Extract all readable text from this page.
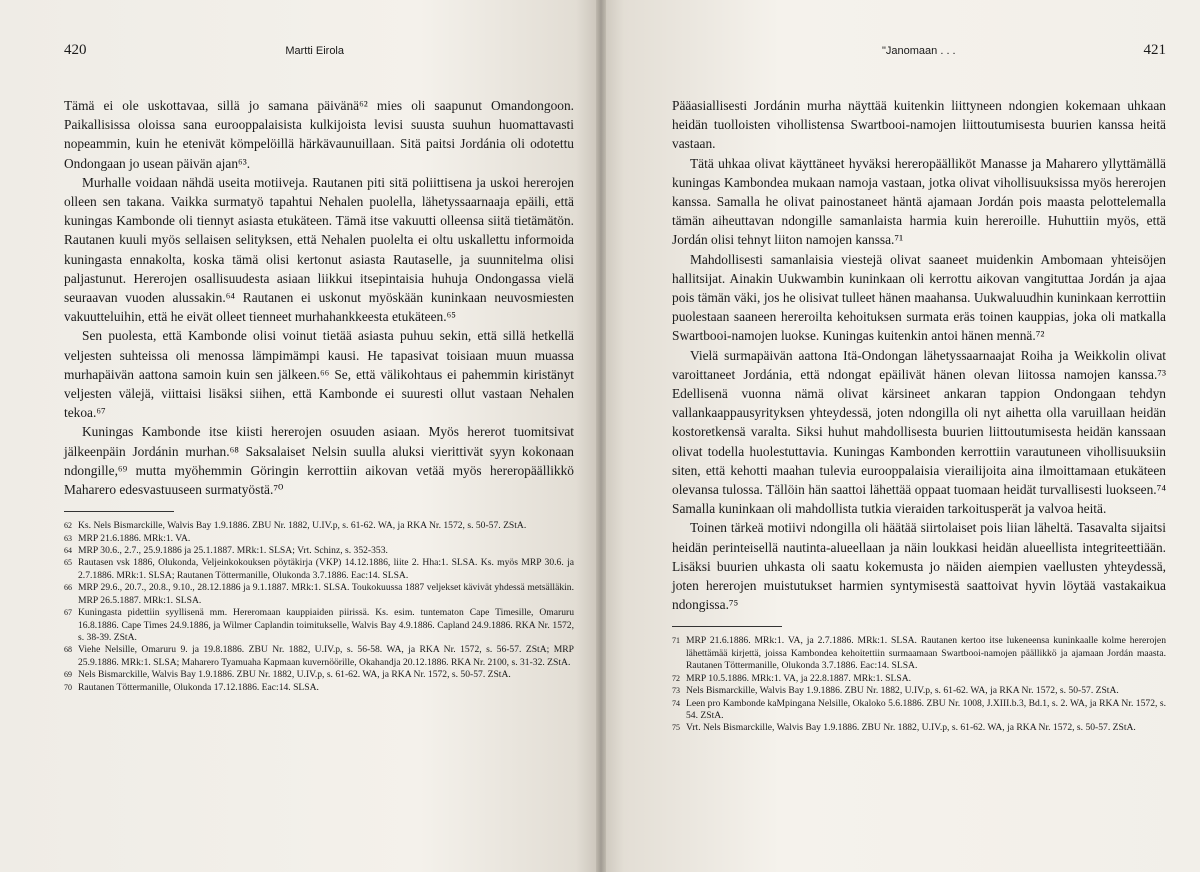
420	Martti Eirola

Tämä ei ole uskottavaa, sillä jo samana päivänä⁶² mies oli saapunut Omandongoon. Paikallisissa oloissa sana eurooppalaisista kulkijoista levisi suusta suuhun huomattavasti nopeammin, kuin he etenivät kömpelöillä härkävaunuillaan. Sitä paitsi Jordánia oli odotettu Ondongaan jo usean päivän ajan⁶³.

Murhalle voidaan nähdä useita motiiveja. Rautanen piti sitä poliittisena ja uskoi hererojen olleen sen takana. Vaikka surmatyö tapahtui Nehalen puolella, lähetyssaarnaaja epäili, että kuningas Kambonde oli tiennyt asiasta etukäteen. Tämä itse vakuutti olleensa siitä tietämätön. Rautanen kuuli myös sellaisen selityksen, että Nehalen puolelta ei oltu uskallettu informoida kuningasta ennakolta, koska tämä olisi kertonut asiasta Rautaselle, ja suunnitelma olisi paljastunut. Hererojen osallisuudesta asiaan liikkui itsepintaisia huhuja Ondongassa vielä seuraavan vuoden alussakin.⁶⁴ Rautanen ei uskonut myöskään kuninkaan neuvosmiesten vakuutteluihin, että he eivät olleet tienneet murhahankkeesta etukäteen.⁶⁵

Sen puolesta, että Kambonde olisi voinut tietää asiasta puhuu sekin, että sillä hetkellä veljesten suhteissa oli menossa lämpimämpi kausi. He tapasivat toisiaan muun muassa murhapäivän aattona samoin kuin sen jälkeen.⁶⁶ Se, että välikohtaus ei pahemmin kiristänyt veljesten välejä, viittaisi lisäksi siihen, että Kambonde ei suuresti ollut vastaan Nehalen tekoa.⁶⁷

Kuningas Kambonde itse kiisti hererojen osuuden asiaan. Myös hererot tuomitsivat jälkeenpäin Jordánin murhan.⁶⁸ Saksalaiset Nelsin suulla aluksi vierittivät syyn kokonaan ndongille,⁶⁹ mutta myöhemmin Göringin kerrottiin aikovan vetää myös hereropäällikkö Maharero edesvastuuseen surmatyöstä.⁷⁰

62 Ks. Nels Bismarckille, Walvis Bay 1.9.1886. ZBU Nr. 1882, U.IV.p, s. 61-62. WA, ja RKA Nr. 1572, s. 50-57. ZStA.
63 MRP 21.6.1886. MRk:1. VA.
64 MRP 30.6., 2.7., 25.9.1886 ja 25.1.1887. MRk:1. SLSA; Vrt. Schinz, s. 352-353.
65 Rautasen vsk 1886, Olukonda, Veljeinkokouksen pöytäkirja (VKP) 14.12.1886, liite 2. Hha:1. SLSA. Ks. myös MRP 30.6. ja 2.7.1886. MRk:1. SLSA; Rautanen Töttermanille, Olukonda 3.7.1886. Eac:14. SLSA.
66 MRP 29.6., 20.7., 20.8., 9.10., 28.12.1886 ja 9.1.1887. MRk:1. SLSA. Toukokuussa 1887 veljekset kävivät yhdessä metsälläkin. MRP 26.5.1887. MRk:1. SLSA.
67 Kuningasta pidettiin syyllisenä mm. Hereromaan kauppiaiden piirissä. Ks. esim. tuntematon Cape Timesille, Omaruru 16.8.1886. Cape Times 24.9.1886, ja Wilmer Caplandin toimitukselle, Walvis Bay 4.9.1886. Capland 24.9.1886. RKA Nr. 1572, s. 38-39. ZStA.
68 Viehe Nelsille, Omaruru 9. ja 19.8.1886. ZBU Nr. 1882, U.IV.p, s. 56-58. WA, ja RKA Nr. 1572, s. 56-57. ZStA; MRP 25.9.1886. MRk:1. SLSA; Maharero Tyamuaha Kapmaan kuvernöörille, Okahandja 20.12.1886. RKA Nr. 2100, s. 31-32. ZStA.
69 Nels Bismarckille, Walvis Bay 1.9.1886. ZBU Nr. 1882, U.IV.p, s. 61-62. WA, ja RKA Nr. 1572, s. 50-57. ZStA.
70 Rautanen Töttermanille, Olukonda 17.12.1886. Eac:14. SLSA.
"Janomaan . . .	421

Pääasiallisesti Jordánin murha näyttää kuitenkin liittyneen ndongien kokemaan uhkaan heidän tuolloisten vihollistensa Swartbooi-namojen liittoutumisesta buurien kanssa heitä vastaan.

Tätä uhkaa olivat käyttäneet hyväksi hereropäälliköt Manasse ja Maharero yllyttämällä kuningas Kambondea mukaan namoja vastaan, jotka olivat vihollisuuksissa myös hererojen kanssa. Samalla he olivat painostaneet häntä ajamaan Jordán pois maasta pelottelemalla tämän aiheuttavan ndongille samanlaista harmia kuin hereroille. Huhuttiin myös, että Jordán olisi tehnyt liiton namojen kanssa.⁷¹

Mahdollisesti samanlaisia viestejä olivat saaneet muidenkin Ambomaan yhteisöjen hallitsijat. Ainakin Uukwambin kuninkaan oli kerrottu aikovan vangituttaa Jordán ja ajaa pois tämän väki, jos he olisivat tulleet hänen maahansa. Uukwaluudhin kuninkaan kerrottiin puolestaan saaneen hereroilta kehoituksen surmata eräs toinen kauppias, joka oli matkalla Swartbooi-namojen luokse. Kuningas kuitenkin antoi hänen mennä.⁷²

Vielä surmapäivän aattona Itä-Ondongan lähetyssaarnaajat Roiha ja Weikkolin olivat varoittaneet Jordánia, että ndongat epäilivät hänen olevan liitossa namojen kanssa.⁷³ Edellisenä vuonna nämä olivat kärsineet ankaran tappion Ondongaan tehdyn vallankaappausyrityksen yhteydessä, joten ndongilla oli nyt aihetta olla varuillaan heidän kostoretkensä varalta. Siksi huhut mahdollisesta buurien liittoutumisesta heidän kanssaan olivat todella huolestuttavia. Kuningas Kambonden kerrottiin varautuneen vihollisuuksiin siten, että kehotti maahan tulevia eurooppalaisia vierailijoita aina ilmoittamaan etukäteen olevansa tulossa. Tällöin hän saattoi lähettää oppaat tuomaan heidät turvallisesti luokseen.⁷⁴ Samalla kuninkaan oli mahdollista tutkia vieraiden tarkoitusperät ja valvoa heitä.

Toinen tärkeä motiivi ndongilla oli häätää siirtolaiset pois liian läheltä. Tasavalta sijaitsi heidän perinteisellä nautinta-alueellaan ja näin loukkasi heidän alueellista integriteettiään. Lisäksi buurien uhkasta oli saatu kokemusta jo näiden aiempien vaellusten yhteydessä, joten hererojen muistutukset harmien syntymisestä saattoivat hyvin löytää vastakaikua ndongissa.⁷⁵

71 MRP 21.6.1886. MRk:1. VA, ja 2.7.1886. MRk:1. SLSA. Rautanen kertoo itse lukeneensa kuninkaalle kolme hererojen lähettämää kirjettä, joissa Kambondea kehoitettiin surmaamaan Swartbooi-namojen päällikkö ja ajamaan Jordán maasta. Rautanen Töttermanille, Olukonda 3.7.1886. Eac:14. SLSA.
72 MRP 10.5.1886. MRk:1. VA, ja 22.8.1887. MRk:1. SLSA.
73 Nels Bismarckille, Walvis Bay 1.9.1886. ZBU Nr. 1882, U.IV.p, s. 61-62. WA, ja RKA Nr. 1572, s. 50-57. ZStA.
74 Leen pro Kambonde kaMpingana Nelsille, Okaloko 5.6.1886. ZBU Nr. 1008, J.XIII.b.3, Bd.1, s. 2. WA, ja RKA Nr. 1572, s. 54. ZStA.
75 Vrt. Nels Bismarckille, Walvis Bay 1.9.1886. ZBU Nr. 1882, U.IV.p, s. 61-62. WA, ja RKA Nr. 1572, s. 50-57. ZStA.
